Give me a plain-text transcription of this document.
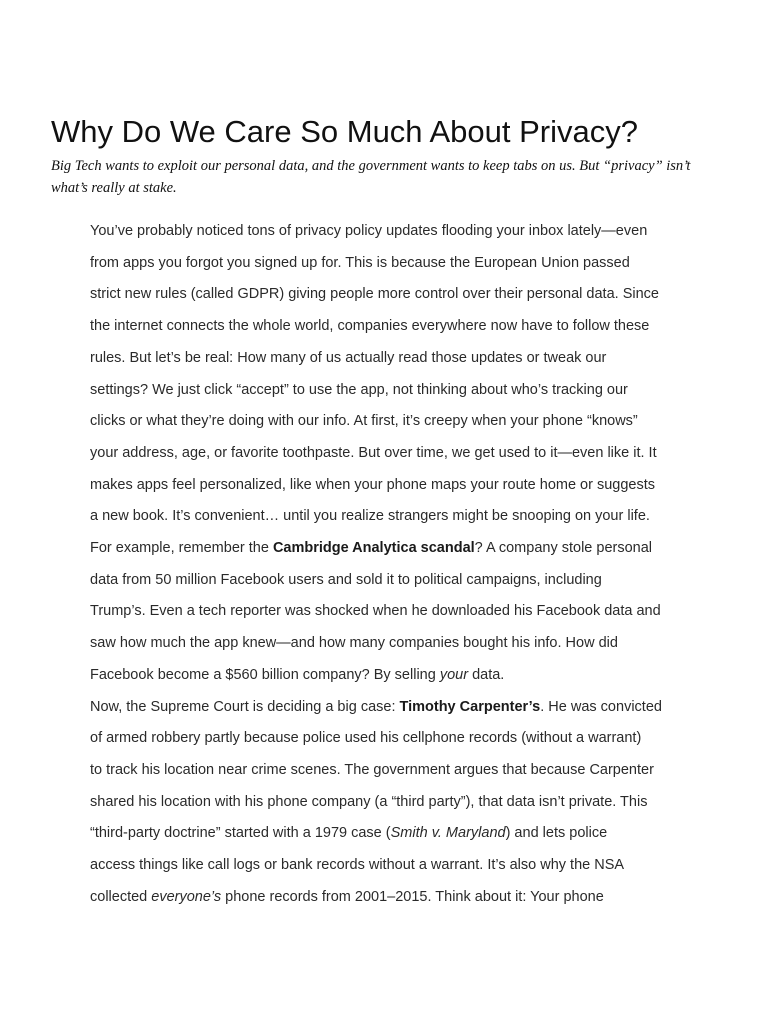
Why Do We Care So Much About Privacy?

Big Tech wants to exploit our personal data, and the government wants to keep tabs on us. But “privacy” isn’t what’s really at stake.

You’ve probably noticed tons of privacy policy updates flooding your inbox lately—even
from apps you forgot you signed up for. This is because the European Union passed
strict new rules (called GDPR) giving people more control over their personal data. Since
the internet connects the whole world, companies everywhere now have to follow these
rules. But let’s be real: How many of us actually read those updates or tweak our
settings? We just click “accept” to use the app, not thinking about who’s tracking our
clicks or what they’re doing with our info. At first, it’s creepy when your phone “knows”
your address, age, or favorite toothpaste. But over time, we get used to it—even like it. It
makes apps feel personalized, like when your phone maps your route home or suggests
a new book. It’s convenient… until you realize strangers might be snooping on your life.
For example, remember the Cambridge Analytica scandal? A company stole personal
data from 50 million Facebook users and sold it to political campaigns, including
Trump’s. Even a tech reporter was shocked when he downloaded his Facebook data and
saw how much the app knew—and how many companies bought his info. How did
Facebook become a $560 billion company? By selling your data.
Now, the Supreme Court is deciding a big case: Timothy Carpenter’s. He was convicted
of armed robbery partly because police used his cellphone records (without a warrant)
to track his location near crime scenes. The government argues that because Carpenter
shared his location with his phone company (a “third party”), that data isn’t private. This
“third-party doctrine” started with a 1979 case (Smith v. Maryland) and lets police
access things like call logs or bank records without a warrant. It’s also why the NSA
collected everyone’s phone records from 2001–2015. Think about it: Your phone
